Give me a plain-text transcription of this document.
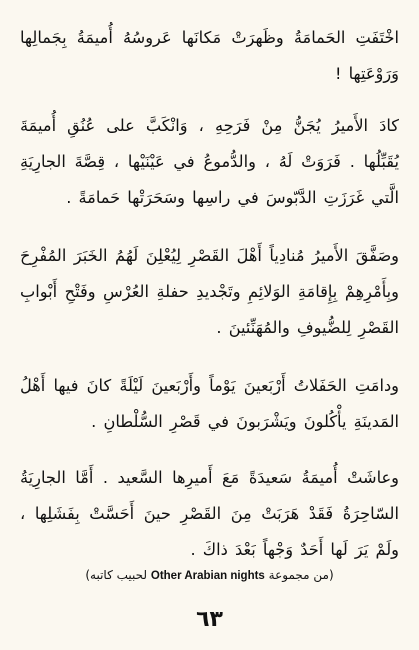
اخْتَفَتِ الحَمامَةُ وظَهرَتْ مَكانَها عَروسُهُ أُميمَةُ بِجَمالِها وَرَوْعَتِها !

كادَ الأَميرُ يُجَنُّ مِنْ فَرَحِهِ ، وَانْكَبَّ على عُنُقِ أُميمَةَ يُقَبِّلُها . فَرَوَتْ لَهُ ، والدُّموعُ في عَيْنَيْها ، قِصَّةَ الجارِيَةِ الَّتي غَرَزَتِ الدَّبّوسَ في راسِها وسَحَرَتْها حَمامَةً .

وصَفَّقَ الأَميرُ مُنادِياً أَهْلَ القَصْرِ لِيُعْلِنَ لَهُمُ الخَبَرَ المُفْرِحَ وبِأَمْرِهِمْ بِإِقامَةِ الوَلائِمِ وتَجْديدِ حفلةِ العُرْسِ وفَتْحِ أَبْوابِ القَصْرِ لِلضُّيوفِ والمُهَنِّئينَ .

ودامَتِ الحَفَلاتُ أَرْبَعينَ يَوْماً وأَرْبَعينَ لَيْلَةً كانَ فيها أَهْلُ المَدينَةِ يأْكُلونَ ويَشْرَبونَ في قَصْرِ السُّلْطانِ .

وعاشَتْ أُميمَةُ سَعيدَةً مَعَ أَميرِها السَّعيد . أَمَّا الجارِيَةُ السّاحِرَةُ فَقَدْ هَرَبَتْ مِنَ القَصْرِ حينَ أَحَسَّتْ بِفَشَلِها ، ولَمْ يَرَ لَها أَحَدٌ وَجْهاً بَعْدَ ذاكَ .

(من مجموعة Other Arabian nights لحبيب كاتبه)
٦٣
